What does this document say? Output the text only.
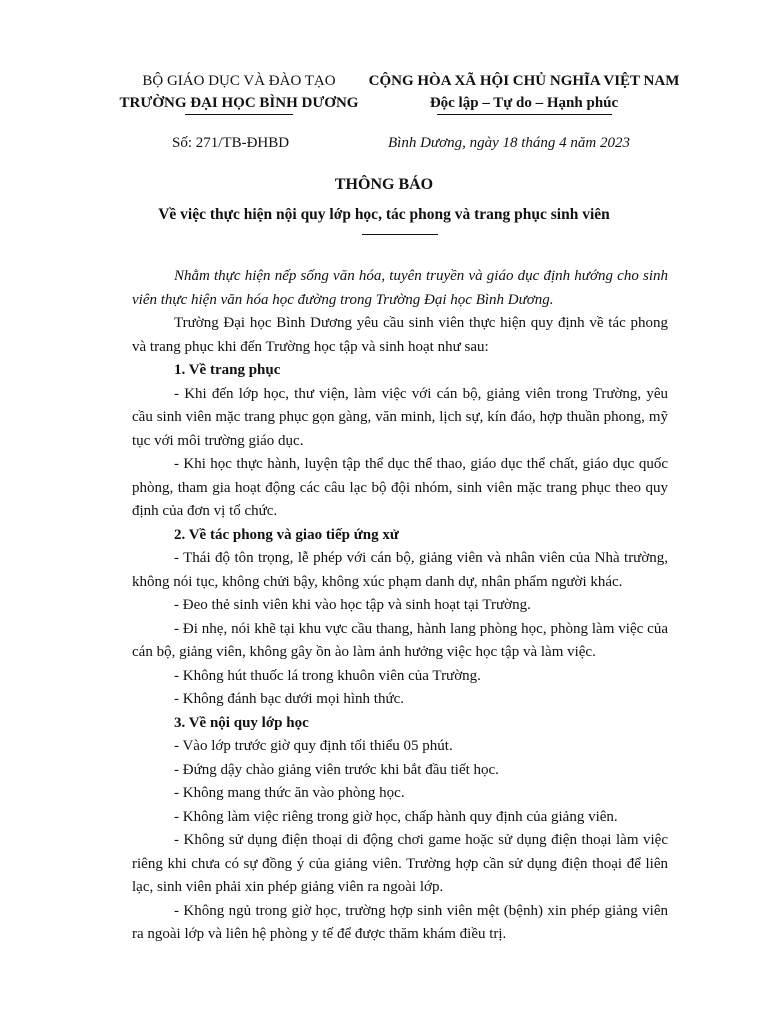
BỘ GIÁO DỤC VÀ ĐÀO TẠO
TRƯỜNG ĐẠI HỌC BÌNH DƯƠNG
CỘNG HÒA XÃ HỘI CHỦ NGHĨA VIỆT NAM
Độc lập – Tự do – Hạnh phúc
Số: 271/TB-ĐHBD	Bình Dương, ngày 18 tháng 4 năm 2023
THÔNG BÁO
Về việc thực hiện nội quy lớp học, tác phong và trang phục sinh viên

Nhằm thực hiện nếp sống văn hóa, tuyên truyền và giáo dục định hướng cho sinh viên thực hiện văn hóa học đường trong Trường Đại học Bình Dương.

Trường Đại học Bình Dương yêu cầu sinh viên thực hiện quy định về tác phong và trang phục khi đến Trường học tập và sinh hoạt như sau:

1. Về trang phục

- Khi đến lớp học, thư viện, làm việc với cán bộ, giảng viên trong Trường, yêu cầu sinh viên mặc trang phục gọn gàng, văn minh, lịch sự, kín đáo, hợp thuần phong, mỹ tục với môi trường giáo dục.

- Khi học thực hành, luyện tập thể dục thể thao, giáo dục thể chất, giáo dục quốc phòng, tham gia hoạt động các câu lạc bộ đội nhóm, sinh viên mặc trang phục theo quy định của đơn vị tổ chức.

2. Về tác phong và giao tiếp ứng xử

- Thái độ tôn trọng, lễ phép với cán bộ, giảng viên và nhân viên của Nhà trường, không nói tục, không chửi bậy, không xúc phạm danh dự, nhân phẩm người khác.

- Đeo thẻ sinh viên khi vào học tập và sinh hoạt tại Trường.

- Đi nhẹ, nói khẽ tại khu vực cầu thang, hành lang phòng học, phòng làm việc của cán bộ, giảng viên, không gây ồn ào làm ảnh hưởng việc học tập và làm việc.

- Không hút thuốc lá trong khuôn viên của Trường.

- Không đánh bạc dưới mọi hình thức.

3. Về nội quy lớp học

- Vào lớp trước giờ quy định tối thiểu 05 phút.

- Đứng dậy chào giảng viên trước khi bắt đầu tiết học.

- Không mang thức ăn vào phòng học.

- Không làm việc riêng trong giờ học, chấp hành quy định của giảng viên.

- Không sử dụng điện thoại di động chơi game hoặc sử dụng điện thoại làm việc riêng khi chưa có sự đồng ý của giảng viên. Trường hợp cần sử dụng điện thoại để liên lạc, sinh viên phải xin phép giảng viên ra ngoài lớp.

- Không ngủ trong giờ học, trường hợp sinh viên mệt (bệnh) xin phép giảng viên ra ngoài lớp và liên hệ phòng y tế để được thăm khám điều trị.
